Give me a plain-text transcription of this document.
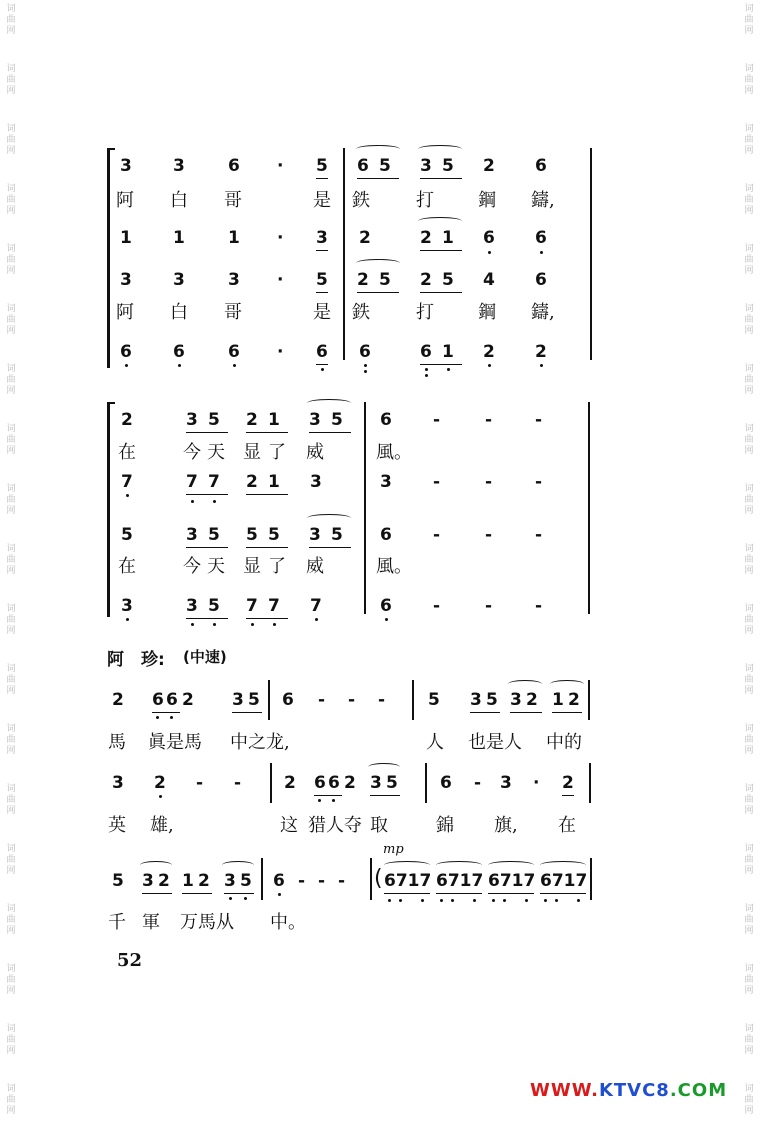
词
曲
网
词
曲
网
词
曲
网
词
曲
网
词
曲
网
词
曲
网
词
曲
网
词
曲
网
词
曲
网
词
曲
网
词
曲
网
词
曲
网
词
曲
网
词
曲
网
词
曲
网
词
曲
网
词
曲
网
词
曲
网
词
曲
网
词
曲
网
词
曲
网
词
曲
网
词
曲
网
词
曲
网
词
曲
网
词
曲
网
词
曲
网
词
曲
网
词
曲
网
词
曲
网
词
曲
网
词
曲
网
词
曲
网
词
曲
网
词
曲
网
词
曲
网
词
曲
网
词
曲
网
3 3	6 · 5 6 5	3 5	2 6
阿 白 哥	是 鉄	打 鋼 鑄,
1 1	1 · 3 2	2 1	6 6
3 3	3 · 5 2 5	2 5	4 6
阿 白 哥	是 鉄	打 鋼 鑄,
6 6	6 · 6 6	6 1	2 2
2	3 5	2 1	3 5	6 -	-	-
在	今 天 显 了 威	風。
7	7 7	2 1	3	3 -	-	-
5	3 5	5 5	3 5	6 -	-	-
在	今 天 显 了 威	風。
3	3 5	7 7	7	6 -	-	-
阿　珍: (中速)
2 6 6 2 3 5 6 - - -	5 3 5 3 2 1 2
馬 眞是馬 中之龙,	人 也是人 中的
3 2 - -	2 6 6 2 3 5 6 - 3 · 2
英 雄,	这 猎人 夺 取	錦 旗, 在
mp
5 3 2 1 2 3 5 6 - - - ( 6717 6717 6717 6717
千 軍 万馬从 中。
52
WWW.KTVC8.COM
